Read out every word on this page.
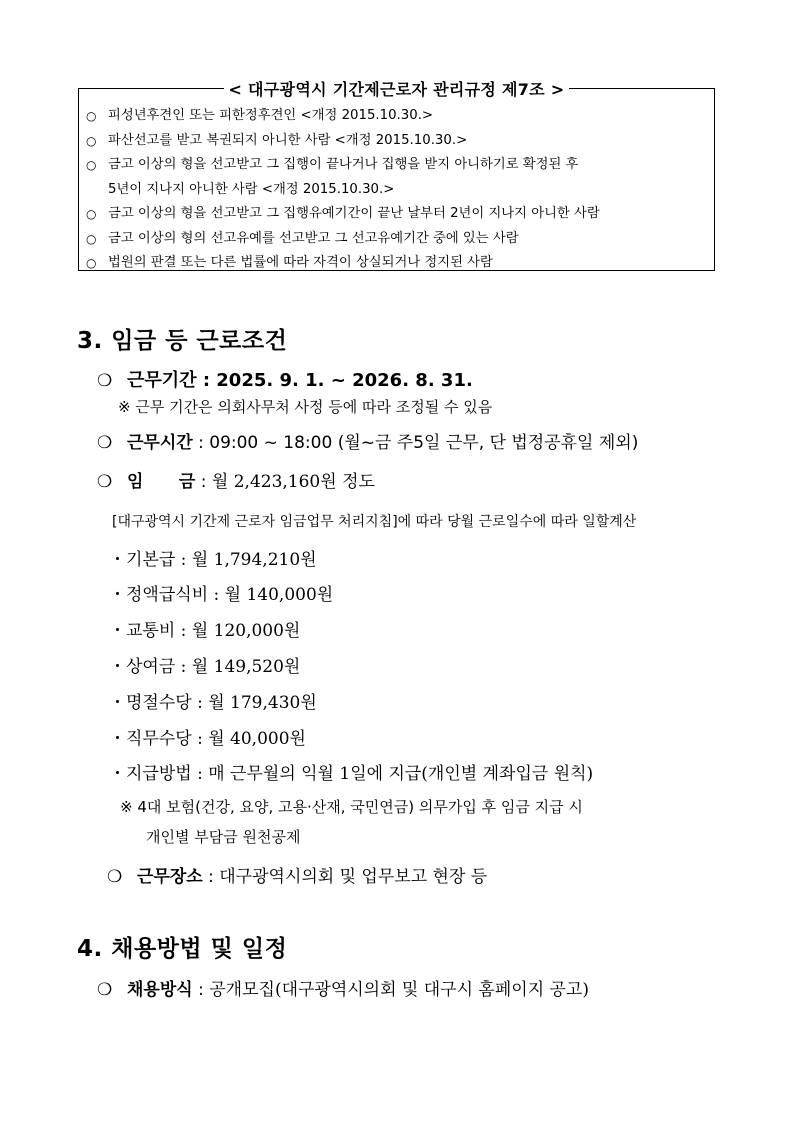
< 대구광역시 기간제근로자 관리규정 제7조 >
○ 피성년후견인 또는 피한정후견인 <개정 2015.10.30.>
○ 파산선고를 받고 복권되지 아니한 사람 <개정 2015.10.30.>
○ 금고 이상의 형을 선고받고 그 집행이 끝나거나 집행을 받지 아니하기로 확정된 후
5년이 지나지 아니한 사람 <개정 2015.10.30.>
○ 금고 이상의 형을 선고받고 그 집행유예기간이 끝난 날부터 2년이 지나지 아니한 사람
○ 금고 이상의 형의 선고유예를 선고받고 그 선고유예기간 중에 있는 사람
○ 법원의 판결 또는 다른 법률에 따라 자격이 상실되거나 정지된 사람
3. 임금 등 근로조건
❍ 근무기간 : 2025. 9. 1. ~ 2026. 8. 31.
※ 근무 기간은 의회사무처 사정 등에 따라 조정될 수 있음
❍ 근무시간 : 09:00 ~ 18:00 (월~금 주5일 근무, 단 법정공휴일 제외)
❍ 임      금 : 월 2,423,160원 정도
[대구광역시 기간제 근로자 임금업무 처리지침]에 따라 당월 근로일수에 따라 일할계산
・기본급 : 월 1,794,210원
・정액급식비 : 월 140,000원
・교통비 : 월 120,000원
・상여금 : 월 149,520원
・명절수당 : 월 179,430원
・직무수당 : 월 40,000원
・지급방법 : 매 근무월의 익월 1일에 지급(개인별 계좌입금 원칙)
※ 4대 보험(건강, 요양, 고용·산재, 국민연금) 의무가입 후 임금 지급 시
개인별 부담금 원천공제
❍ 근무장소 : 대구광역시의회 및 업무보고 현장 등
4. 채용방법 및 일정
❍ 채용방식 : 공개모집(대구광역시의회 및 대구시 홈페이지 공고)
